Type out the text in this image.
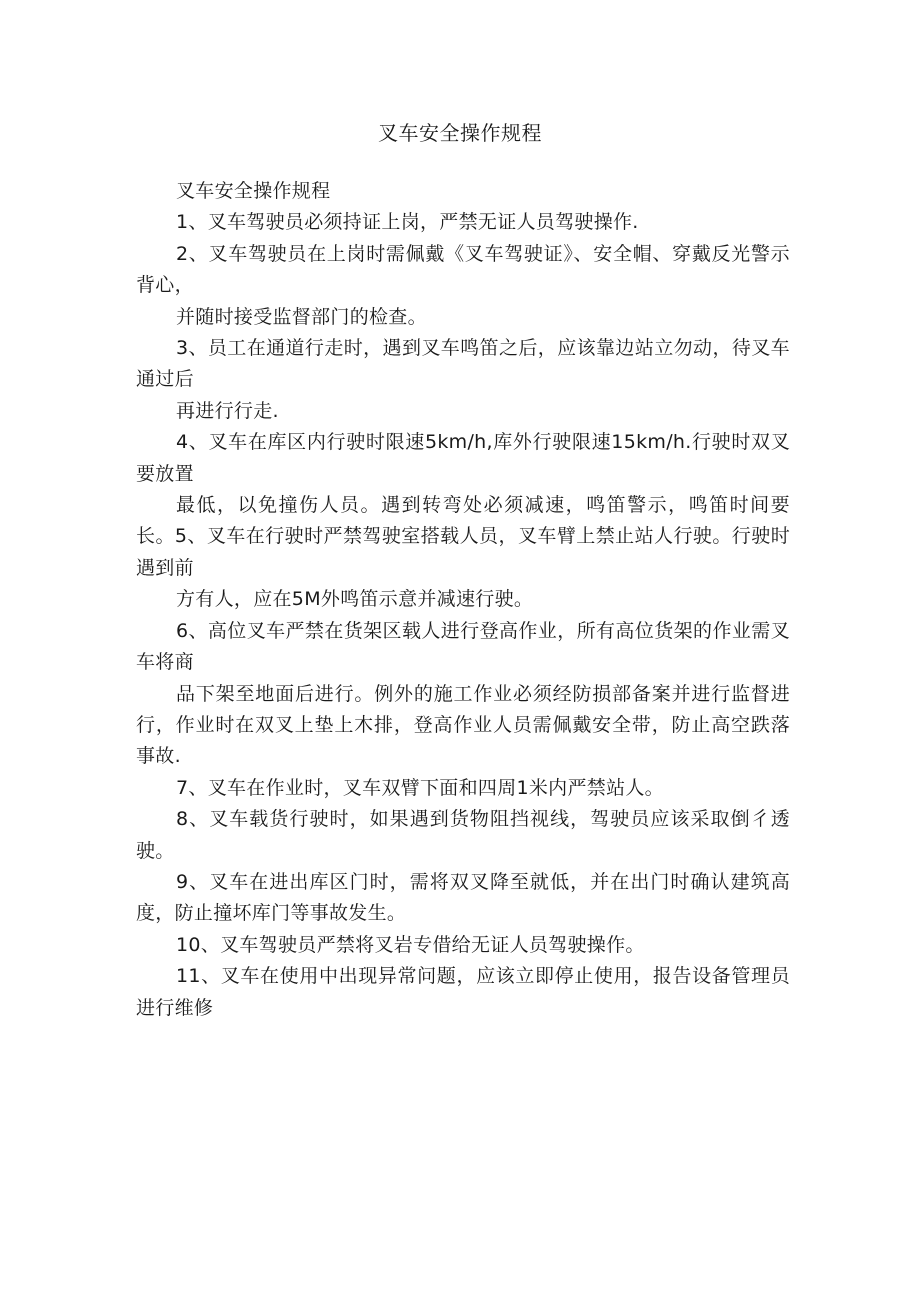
叉车安全操作规程

叉车安全操作规程

1、叉车驾驶员必须持证上岗，严禁无证人员驾驶操作.

2、叉车驾驶员在上岗时需佩戴《叉车驾驶证》、安全帽、穿戴反光警示背心，

并随时接受监督部门的检查。

3、员工在通道行走时，遇到叉车鸣笛之后，应该靠边站立勿动，待叉车通过后

再进行行走.

4、叉车在库区内行驶时限速5km∕h,库外行驶限速15km∕h.行驶时双叉要放置

最低，以免撞伤人员。遇到转弯处必须减速，鸣笛警示，鸣笛时间要长。5、叉车在行驶时严禁驾驶室搭载人员，叉车臂上禁止站人行驶。行驶时遇到前

方有人，应在5M外鸣笛示意并减速行驶。

6、高位叉车严禁在货架区载人进行登高作业，所有高位货架的作业需叉车将商

品下架至地面后进行。例外的施工作业必须经防损部备案并进行监督进行，作业时在双叉上垫上木排，登高作业人员需佩戴安全带，防止高空跌落事故.

7、叉车在作业时，叉车双臂下面和四周1米内严禁站人。

8、叉车载货行驶时，如果遇到货物阻挡视线，驾驶员应该采取倒彳透驶。

9、叉车在进出库区门时，需将双叉降至就低，并在出门时确认建筑高度，防止撞坏库门等事故发生。

10、叉车驾驶员严禁将叉岩专借给无证人员驾驶操作。

11、叉车在使用中出现异常问题，应该立即停止使用，报告设备管理员进行维修
